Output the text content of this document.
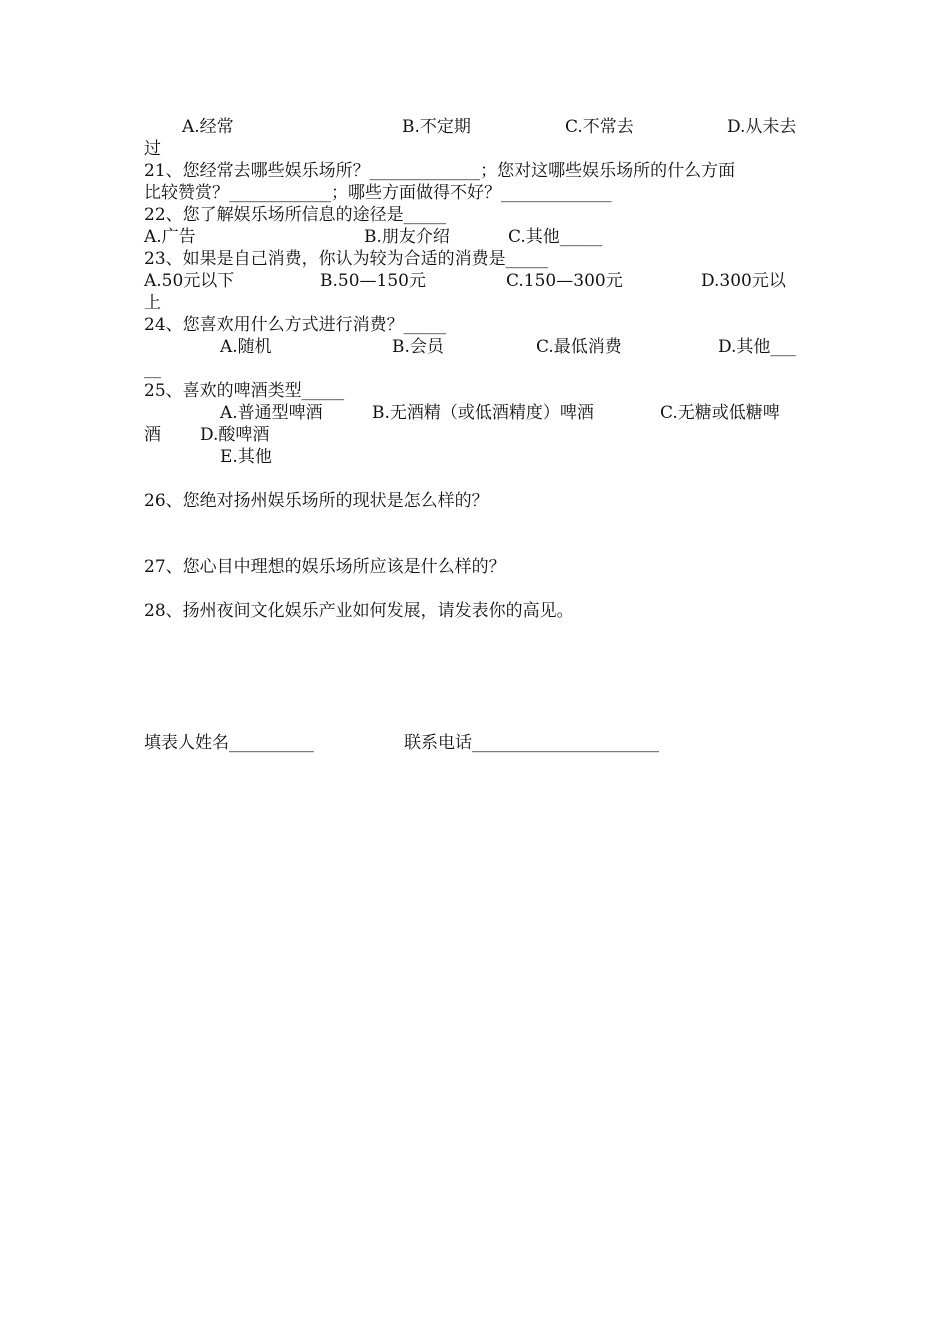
A.经常	B.不定期	C.不常去	D.从未去
过
21、您经常去哪些娱乐场所？_____________；您对这哪些娱乐场所的什么方面
比较赞赏？____________；哪些方面做得不好？_____________
22、您了解娱乐场所信息的途径是_____
A.广告	B.朋友介绍	C.其他_____
23、如果是自己消费，你认为较为合适的消费是_____
A.50元以下	B.50—150元	C.150—300元	D.300元以
上
24、您喜欢用什么方式进行消费？_____
A.随机	B.会员	C.最低消费	D.其他___
__
25、喜欢的啤酒类型_____
A.普通型啤酒	B.无酒精（或低酒精度）啤酒	C.无糖或低糖啤
酒 D.酸啤酒
E.其他
26、您绝对扬州娱乐场所的现状是怎么样的？
27、您心目中理想的娱乐场所应该是什么样的？
28、扬州夜间文化娱乐产业如何发展，请发表你的高见。
填表人姓名__________	联系电话______________________
